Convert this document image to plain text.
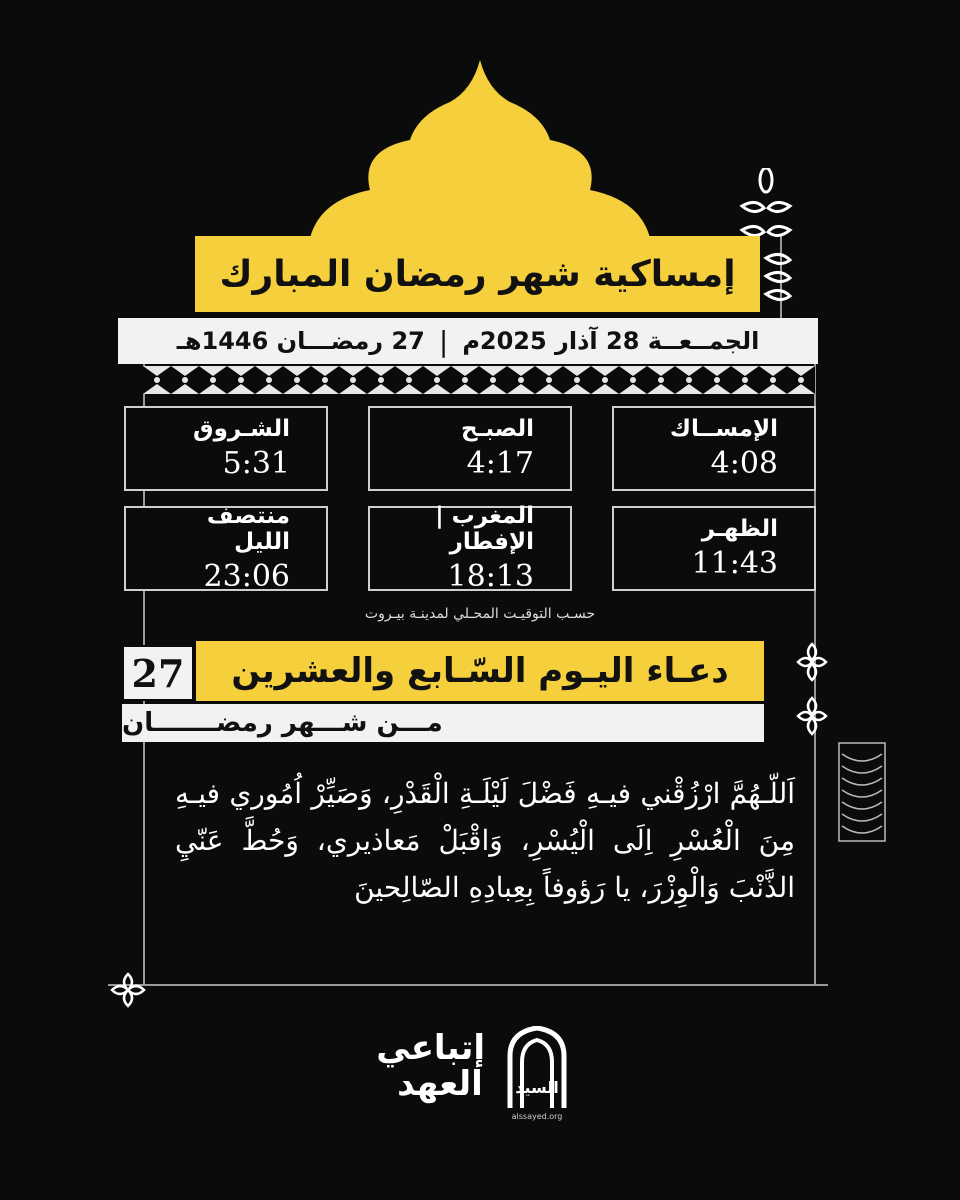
إمساكية شهر رمضان المبارك
الجمــعــة 28 آذار 2025م
|
27 رمضـــان 1446هـ
الإمســاك
4:08
الصبـح
4:17
الشـروق
5:31
الظهـر
11:43
المغرب | الإفطار
18:13
منتصف الليل
23:06
حسـب التوقيـت المحـلي لمدينـة بيـروت
27	دعـاء اليـوم السّـابع والعشرين
مـــن شـــهر رمضـــــــان
اَللّـهُمَّ ارْزُقْني فيـهِ فَضْلَ لَيْلَـةِ الْقَدْرِ، وَصَيِّرْ اُمُوري فيـهِ مِنَ الْعُسْرِ اِلَى الْيُسْرِ، وَاقْبَلْ مَعاذيري، وَحُطَّ عَنّيِ الذَّنْبَ وَالْوِزْرَ، يا رَؤوفاً بِعِبادِهِ الصّالِحينَ
إتباعي
العهد	السيد
alssayed.org
